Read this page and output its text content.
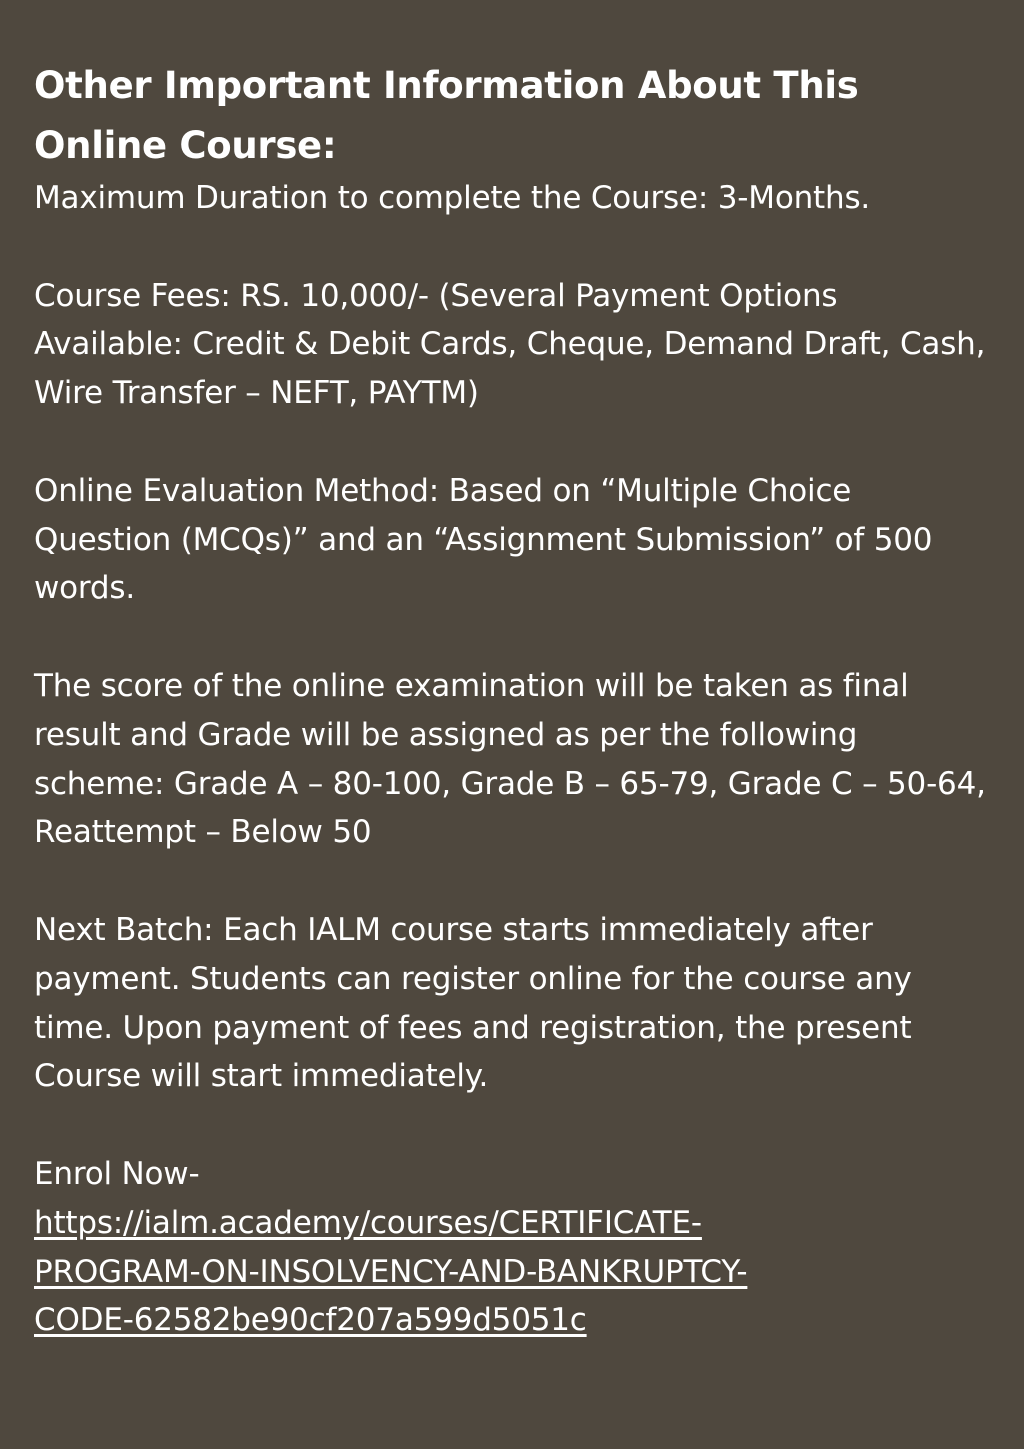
Other Important Information About This
Online Course:

Maximum Duration to complete the Course: 3-Months.

Course Fees: RS. 10,000/- (Several Payment Options Available: Credit & Debit Cards, Cheque, Demand Draft, Cash, Wire Transfer – NEFT, PAYTM)

Online Evaluation Method: Based on “Multiple Choice Question (MCQs)” and an “Assignment Submission” of 500 words.

The score of the online examination will be taken as final result and Grade will be assigned as per the following scheme: Grade A – 80-100, Grade B – 65-79, Grade C – 50-64, Reattempt – Below 50

Next Batch: Each IALM course starts immediately after payment. Students can register online for the course any time. Upon payment of fees and registration, the present Course will start immediately.

Enrol Now-

https://ialm.academy/courses/CERTIFICATE-
PROGRAM-ON-INSOLVENCY-AND-BANKRUPTCY-
CODE-62582be90cf207a599d5051c
